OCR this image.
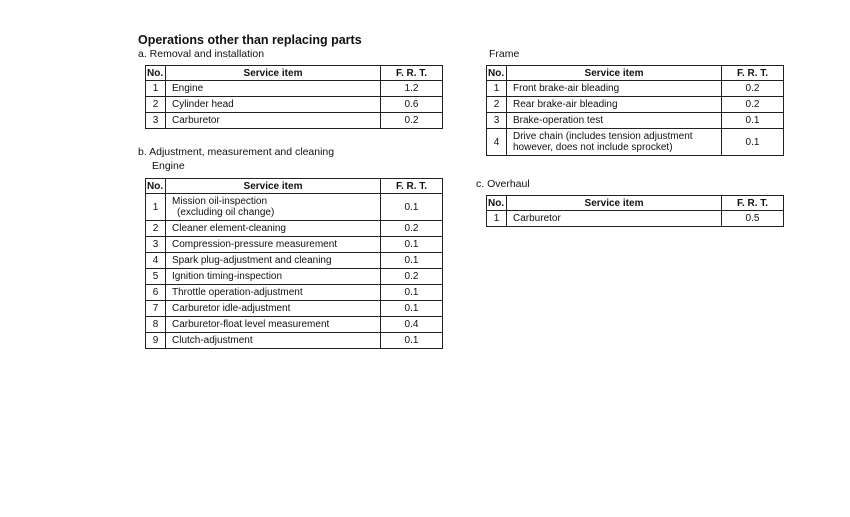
Operations other than replacing parts
a. Removal and installation
No.	Service item	F. R. T.
1	Engine	1.2
2	Cylinder head	0.6
3	Carburetor	0.2
b. Adjustment, measurement and cleaning
Engine
No.	Service item	F. R. T.
1	Mission oil-inspection
(excluding oil change)	0.1
2	Cleaner element-cleaning	0.2
3	Compression-pressure measurement	0.1
4	Spark plug-adjustment and cleaning	0.1
5	Ignition timing-inspection	0.2
6	Throttle operation-adjustment	0.1
7	Carburetor idle-adjustment	0.1
8	Carburetor-float level measurement	0.4
9	Clutch-adjustment	0.1
Frame
No.	Service item	F. R. T.
1	Front brake-air bleading	0.2
2	Rear brake-air bleading	0.2
3	Brake-operation test	0.1
4	Drive chain (includes tension adjustment
however, does not include sprocket)	0.1
c. Overhaul
No.	Service item	F. R. T.
1	Carburetor	0.5
